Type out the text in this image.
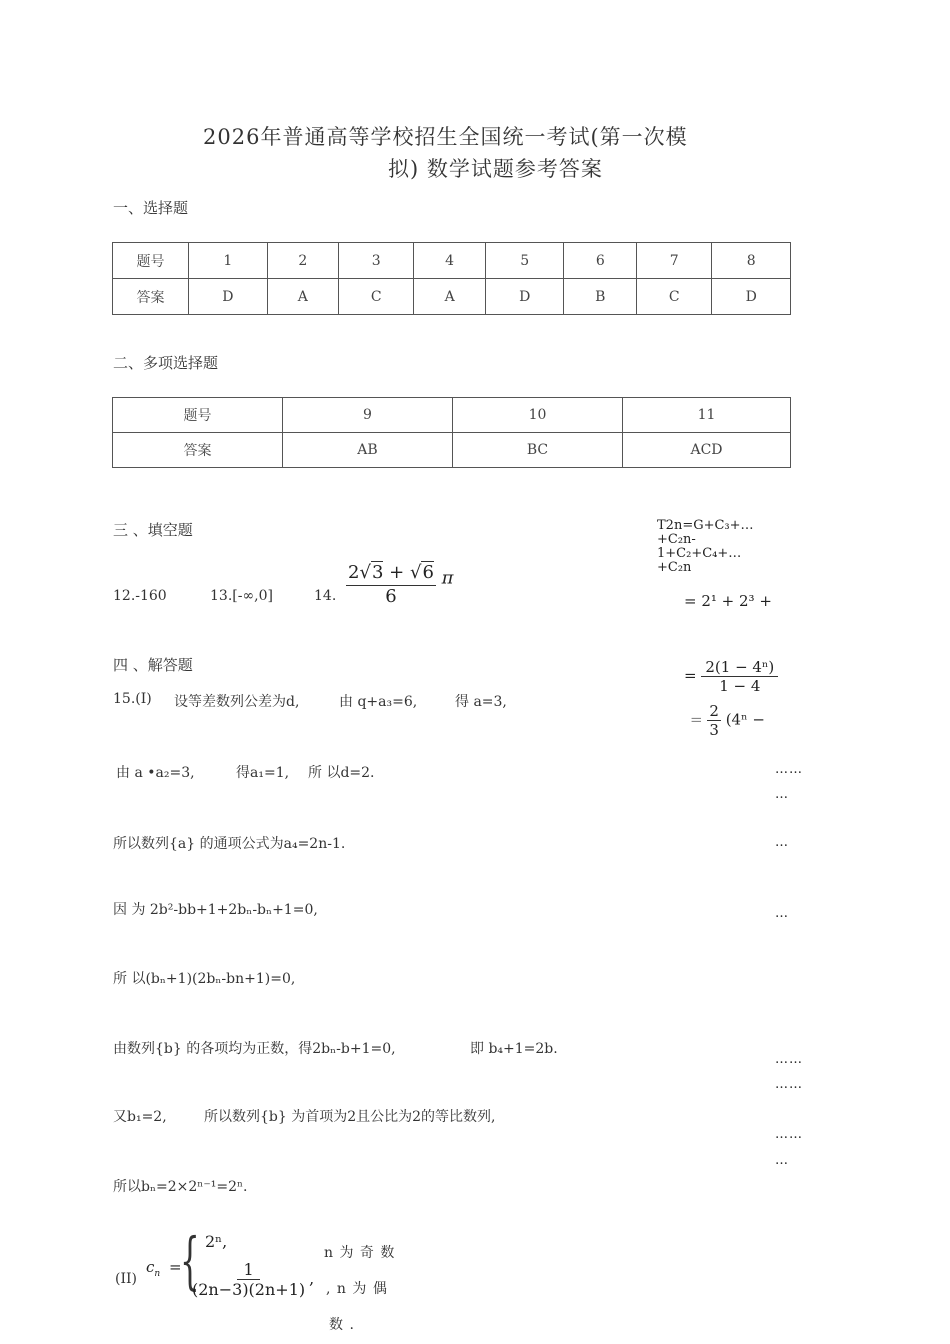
2026年普通高等学校招生全国统一考试(第一次模
拟) 数学试题参考答案
一、选择题
题号	1	2	3	4	5	6	7	8
答案	D	A	C	A	D	B	C	D
二、多项选择题
题号	9	10	11
答案	AB	BC	ACD
三 、填空题
12.-160	13.[-∞,0]	14. $\frac{2√3 + √6}{6}$ π
四 、解答题
15.(I) 设等差数列公差为d,	由 q+a₃=6,	得 a=3,
由 a •a₂=3,	得a₁=1, 所 以d=2.
所以数列{a} 的通项公式为a₄=2n-1.
因 为 2b²-bb+1+2bₙ-bₙ+1=0,
所 以(bₙ+1)(2bₙ-bn+1)=0,
由数列{b} 的各项均为正数，得2bₙ-b+1=0,	即 b₄+1=2b.
又b₁=2,	所以数列{b} 为首项为2且公比为2的等比数列,
所以bₙ=2×2ⁿ⁻¹=2ⁿ.
(II)
$c_n$ =
{ 2ⁿ,
$\frac{1}{(2n-3)(2n+1)}$ ,
n 为 奇 数
, n 为 偶
数 .
T2n=G+C₃+…
+C₂n-
1+C₂+C₄+…
+C₂n
= 2¹ + 2³ +
= $\frac{\text{2(1 − 4ⁿ)}}{1 - 4}$
= $\frac{2}{3} (4^n$ −
……
…
…
…
……
……
……
…
